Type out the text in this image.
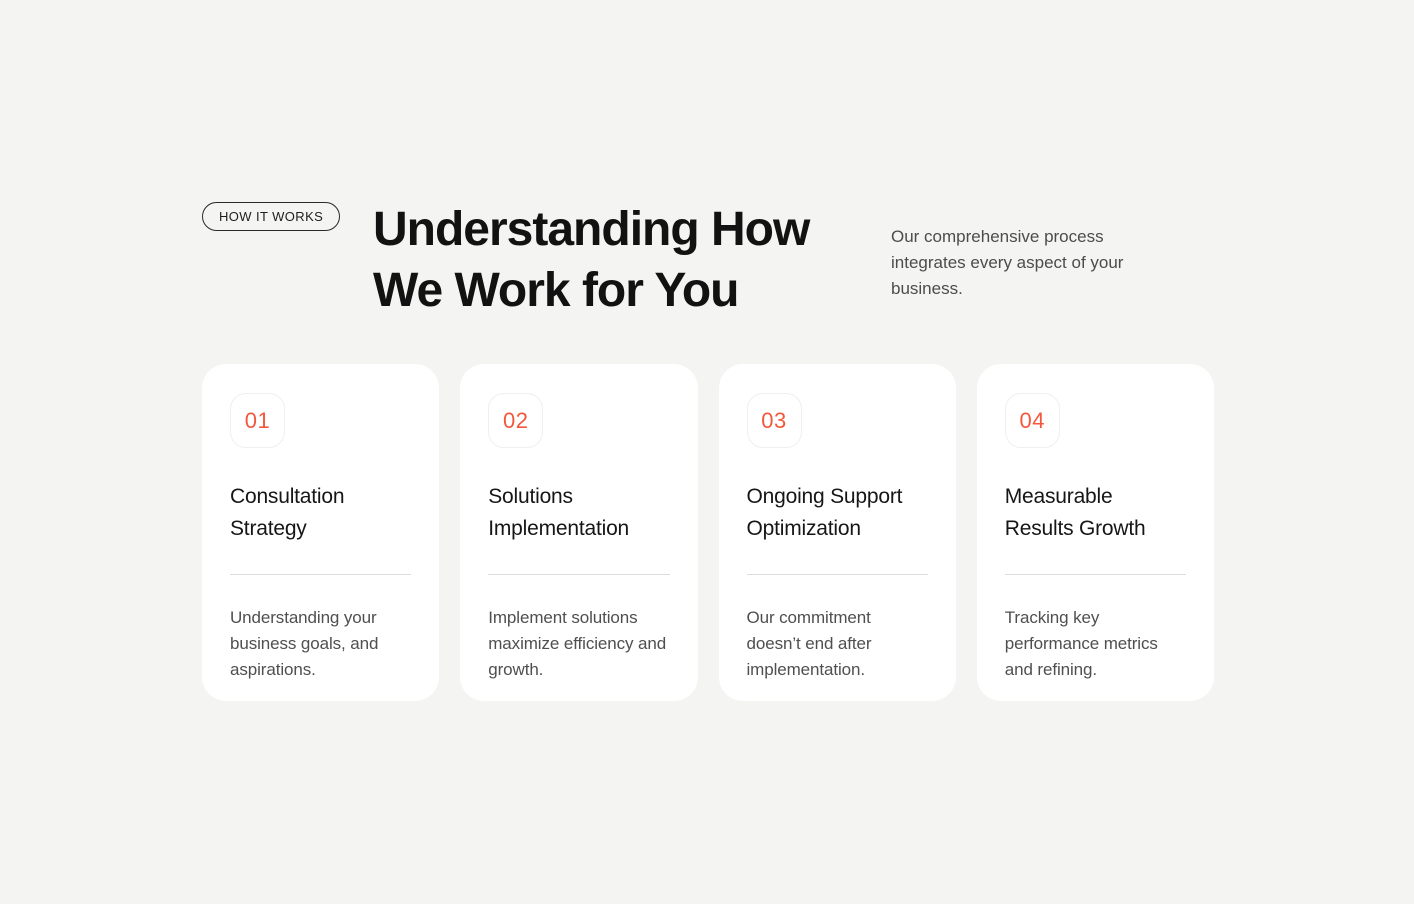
HOW IT WORKS Understanding How
We Work for You

Our comprehensive process integrates every aspect of your business.

01
Consultation
Strategy

Understanding your business goals, and aspirations.

02
Solutions
Implementation

Implement solutions maximize efficiency and growth.

03
Ongoing Support
Optimization

Our commitment doesn’t end after implementation.

04
Measurable
Results Growth

Tracking key performance metrics and refining.
